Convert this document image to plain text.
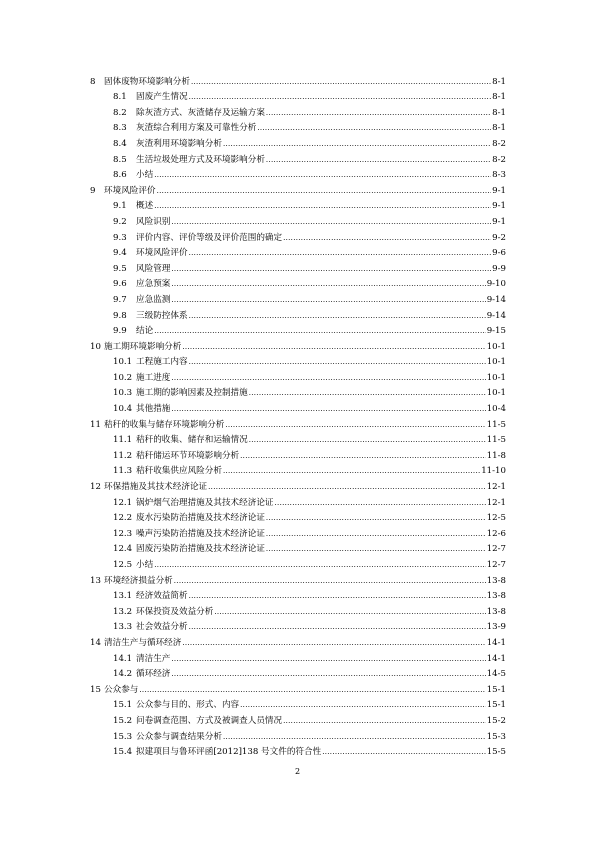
8 固体废物环境影响分析 .....	8-1
8.1	固废产生情况 .....	8-1
8.2	除灰渣方式、灰渣储存及运输方案 .....	8-1
8.3	灰渣综合利用方案及可靠性分析 .....	8-1
8.4	灰渣利用环境影响分析 .....	8-2
8.5	生活垃圾处理方式及环境影响分析 .....	8-2
8.6	小结 .....	8-3
9 环境风险评价 .....	9-1
9.1	概述 .....	9-1
9.2	风险识别 .....	9-1
9.3	评价内容、评价等级及评价范围的确定 .....	9-2
9.4	环境风险评价 .....	9-6
9.5	风险管理 .....	9-9
9.6	应急预案 .....	9-10
9.7	应急监测 .....	9-14
9.8	三级防控体系 .....	9-14
9.9	结论 .....	9-15
10 施工期环境影响分析 .....	10-1
10.1 工程施工内容 .....	10-1
10.2 施工进度 .....	10-1
10.3 施工期的影响因素及控制措施 .....	10-1
10.4 其他措施 .....	10-4
11 秸秆的收集与储存环境影响分析 .....	11-5
11.1 秸秆的收集、储存和运输情况 .....	11-5
11.2 秸秆储运环节环境影响分析 .....	11-8
11.3 秸秆收集供应风险分析 .....	11-10
12 环保措施及其技术经济论证 .....	12-1
12.1 锅炉烟气治理措施及其技术经济论证 .....	12-1
12.2 废水污染防治措施及技术经济论证 .....	12-5
12.3 噪声污染防治措施及技术经济论证 .....	12-6
12.4 固废污染防治措施及技术经济论证 .....	12-7
12.5 小结 .....	12-7
13 环境经济损益分析 .....	13-8
13.1 经济效益简析 .....	13-8
13.2 环保投资及效益分析 .....	13-8
13.3 社会效益分析 .....	13-9
14 清洁生产与循环经济 .....	14-1
14.1 清洁生产 .....	14-1
14.2 循环经济 .....	14-5
15 公众参与 .....	15-1
15.1 公众参与目的、形式、内容 .....	15-1
15.2 问卷调查范围、方式及被调查人员情况 .....	15-2
15.3 公众参与调查结果分析 .....	15-3
15.4 拟建项目与鲁环评函[2012]138 号文件的符合性 .....	15-5
2
